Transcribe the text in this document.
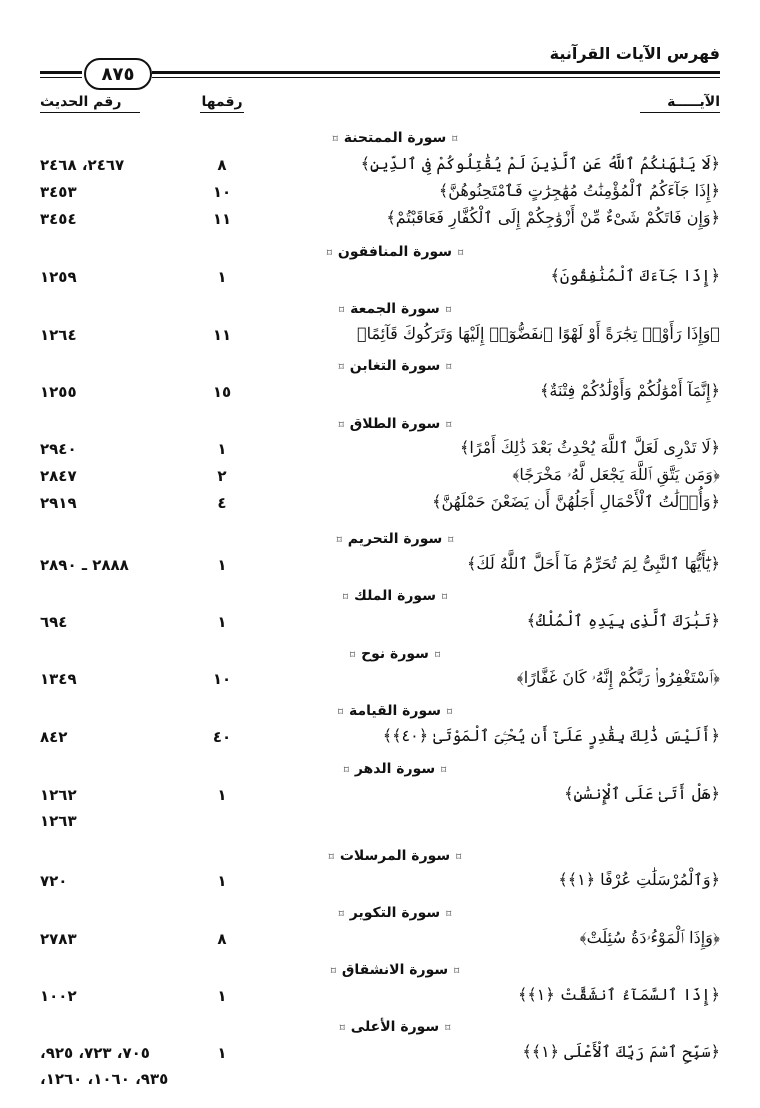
فهرس الآيات القرآنية
٨٧٥
الآيـــــة
رقمها
رقم الحديث
⌑سورة الممتحنة⌑
﴿لَا يَنْهَىٰكُمُ ٱللَّهُ عَنِ ٱلَّذِينَ لَمْ يُقَٰتِلُوكُمْ فِى ٱلدِّينِ﴾
٨
٢٤٦٧، ٢٤٦٨
﴿إِذَا جَآءَكُمُ ٱلْمُؤْمِنَٰتُ مُهَٰجِرَٰتٍ فَٱمْتَحِنُوهُنَّ﴾
١٠
٣٤٥٣
﴿وَإِن فَاتَكُمْ شَىْءٌ مِّنْ أَزْوَٰجِكُمْ إِلَى ٱلْكُفَّارِ فَعَاقَبْتُمْ﴾
١١
٣٤٥٤
⌑سورة المنافقون⌑
﴿إِذَا جَآءَكَ ٱلْمُنَٰفِقُونَ﴾
١
١٢٥٩
⌑سورة الجمعة⌑
﴿وَإِذَا رَأَوْا۟ تِجَٰرَةً أَوْ لَهْوًا ٱنفَضُّوٓا۟ إِلَيْهَا وَتَرَكُوكَ قَآئِمًا﴾
١١
١٢٦٤
⌑سورة التغابن⌑
﴿إِنَّمَآ أَمْوَٰلُكُمْ وَأَوْلَٰدُكُمْ فِتْنَةٌ﴾
١٥
١٢٥٥
⌑سورة الطلاق⌑
﴿لَا تَدْرِى لَعَلَّ ٱللَّهَ يُحْدِثُ بَعْدَ ذَٰلِكَ أَمْرًا﴾
١
٢٩٤٠
﴿وَمَن يَتَّقِ ٱللَّهَ يَجْعَل لَّهُۥ مَخْرَجًا﴾
٢
٢٨٤٧
﴿وَأُو۟لَٰتُ ٱلْأَحْمَالِ أَجَلُهُنَّ أَن يَضَعْنَ حَمْلَهُنَّ﴾
٤
٢٩١٩
⌑سورة التحريم⌑
﴿يَٰٓأَيُّهَا ٱلنَّبِىُّ لِمَ تُحَرِّمُ مَآ أَحَلَّ ٱللَّهُ لَكَ﴾
١
٢٨٨٨ ـ ٢٨٩٠
⌑سورة الملك⌑
﴿تَبَٰرَكَ ٱلَّذِى بِيَدِهِ ٱلْمُلْكُ﴾
١
٦٩٤
⌑سورة نوح⌑
﴿ٱسْتَغْفِرُوا۟ رَبَّكُمْ إِنَّهُۥ كَانَ غَفَّارًا﴾
١٠
١٣٤٩
⌑سورة القيامة⌑
﴿أَلَيْسَ ذَٰلِكَ بِقَٰدِرٍ عَلَىٰٓ أَن يُحْـِۧىَ ٱلْمَوْتَىٰ ﴿٤٠﴾﴾
٤٠
٨٤٢
⌑سورة الدهر⌑
﴿هَلْ أَتَىٰ عَلَى ٱلْإِنسَٰنِ﴾
١
١٢٦٢
١٢٦٣
⌑سورة المرسلات⌑
﴿وَٱلْمُرْسَلَٰتِ عُرْفًا ﴿١﴾﴾
١
٧٢٠
⌑سورة التكوير⌑
﴿وَإِذَا ٱلْمَوْءُۥدَةُ سُئِلَتْ﴾
٨
٢٧٨٣
⌑سورة الانشقاق⌑
﴿إِذَا ٱلسَّمَآءُ ٱنشَقَّتْ ﴿١﴾﴾
١
١٠٠٢
⌑سورة الأعلى⌑
﴿سَبِّحِ ٱسْمَ رَبِّكَ ٱلْأَعْلَى ﴿١﴾﴾
١
٧٠٥، ٧٢٣، ٩٢٥،
٩٣٥، ١٠٦٠، ١٢٦٠،
